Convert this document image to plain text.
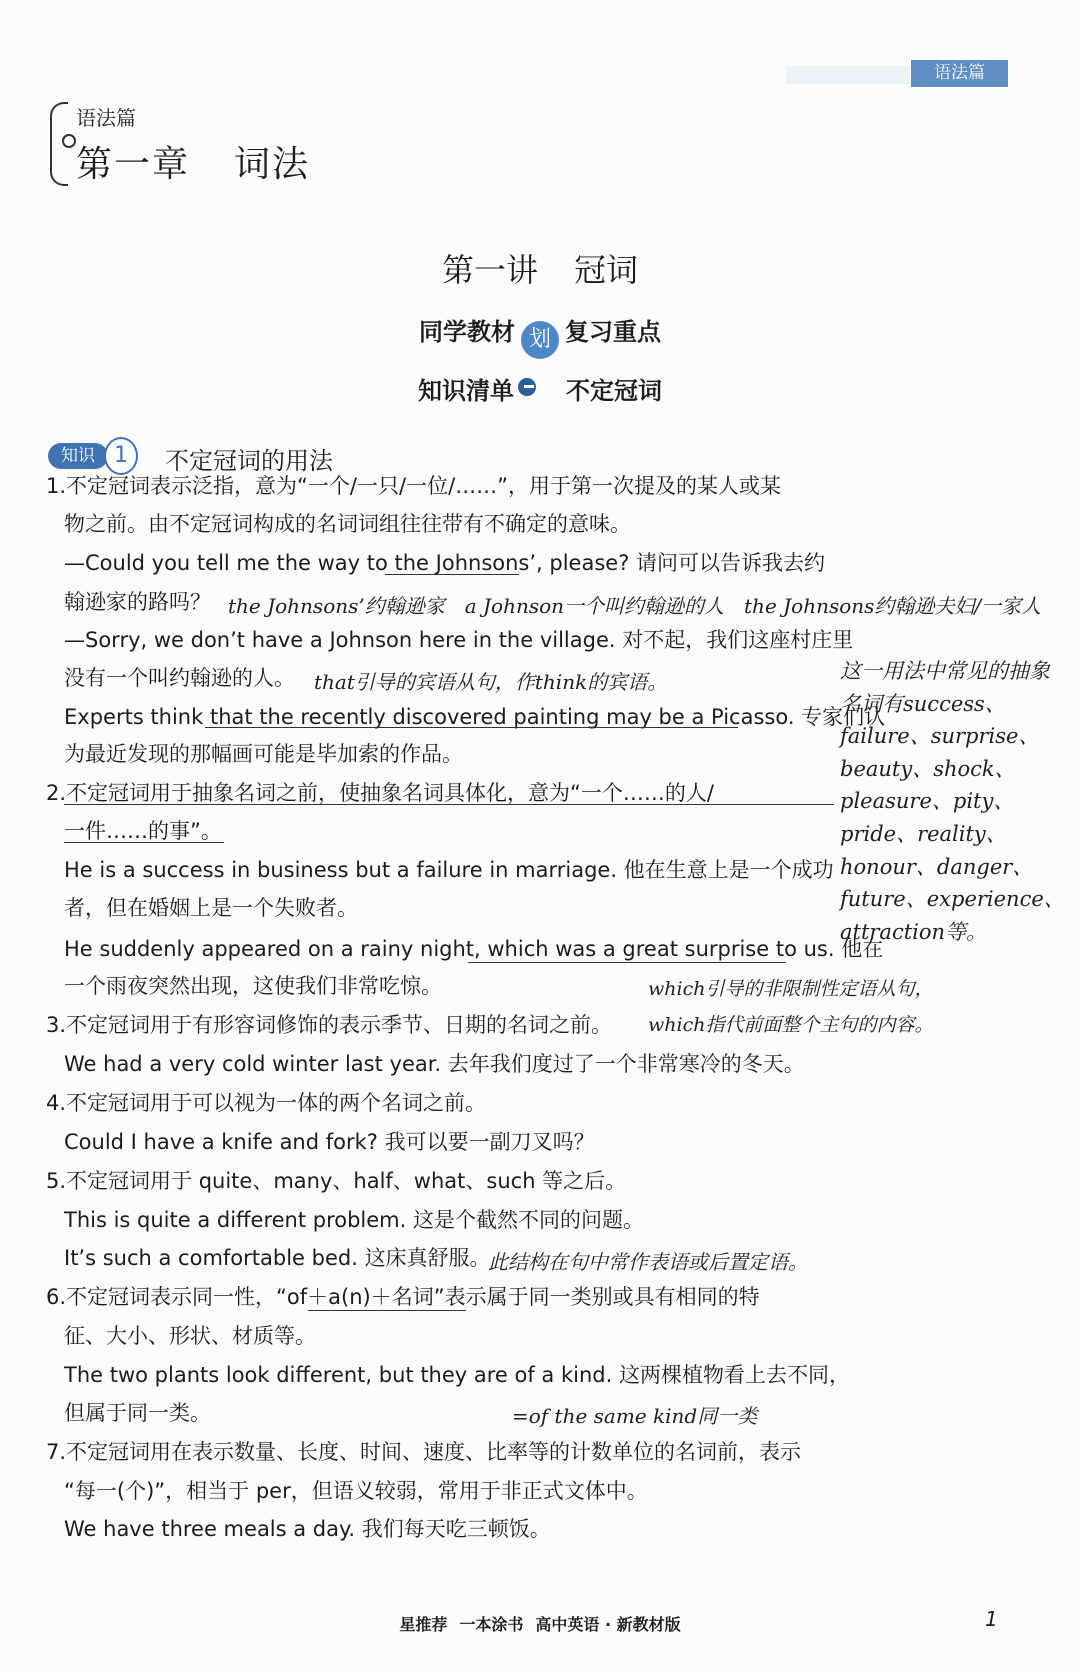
语法篇
语法篇
第一章 词法
第一讲 冠词
同学教材 划 复习重点
知识清单 不定冠词
知识 1	不定冠词的用法
1.不定冠词表示泛指，意为“一个/一只/一位/……”，用于第一次提及的某人或某
物之前。由不定冠词构成的名词词组往往带有不确定的意味。
—Could you tell me the way to the Johnsons’, please? 请问可以告诉我去约
翰逊家的路吗？ the Johnsons’约翰逊家　a Johnson一个叫约翰逊的人　the Johnsons约翰逊夫妇/一家人
—Sorry, we don’t have a Johnson here in the village. 对不起，我们这座村庄里
没有一个叫约翰逊的人。 that引导的宾语从句，作think的宾语。
Experts think that the recently discovered painting may be a Picasso. 专家们认
为最近发现的那幅画可能是毕加索的作品。
2.不定冠词用于抽象名词之前，使抽象名词具体化，意为“一个……的人/
一件……的事”。
He is a success in business but a failure in marriage. 他在生意上是一个成功
者，但在婚姻上是一个失败者。
He suddenly appeared on a rainy night, which was a great surprise to us. 他在
一个雨夜突然出现，这使我们非常吃惊。	which引导的非限制性定语从句，
3.不定冠词用于有形容词修饰的表示季节、日期的名词之前。 which指代前面整个主句的内容。
We had a very cold winter last year. 去年我们度过了一个非常寒冷的冬天。
4.不定冠词用于可以视为一体的两个名词之前。
Could I have a knife and fork? 我可以要一副刀叉吗？
5.不定冠词用于 quite、many、half、what、such 等之后。
This is quite a different problem. 这是个截然不同的问题。
It’s such a comfortable bed. 这床真舒服。
此结构在句中常作表语或后置定语。
6.不定冠词表示同一性，“of＋a(n)＋名词”表示属于同一类别或具有相同的特
征、大小、形状、材质等。
The two plants look different, but they are of a kind. 这两棵植物看上去不同，
但属于同一类。	=of the same kind同一类
7.不定冠词用在表示数量、长度、时间、速度、比率等的计数单位的名词前，表示
“每一(个)”，相当于 per，但语义较弱，常用于非正式文体中。
We have three meals a day. 我们每天吃三顿饭。
这一用法中常见的抽象名词有success、failure、surprise、beauty、shock、pleasure、pity、pride、reality、honour、danger、future、experience、attraction等。
星推荐 一本涂书 高中英语 · 新教材版	1
